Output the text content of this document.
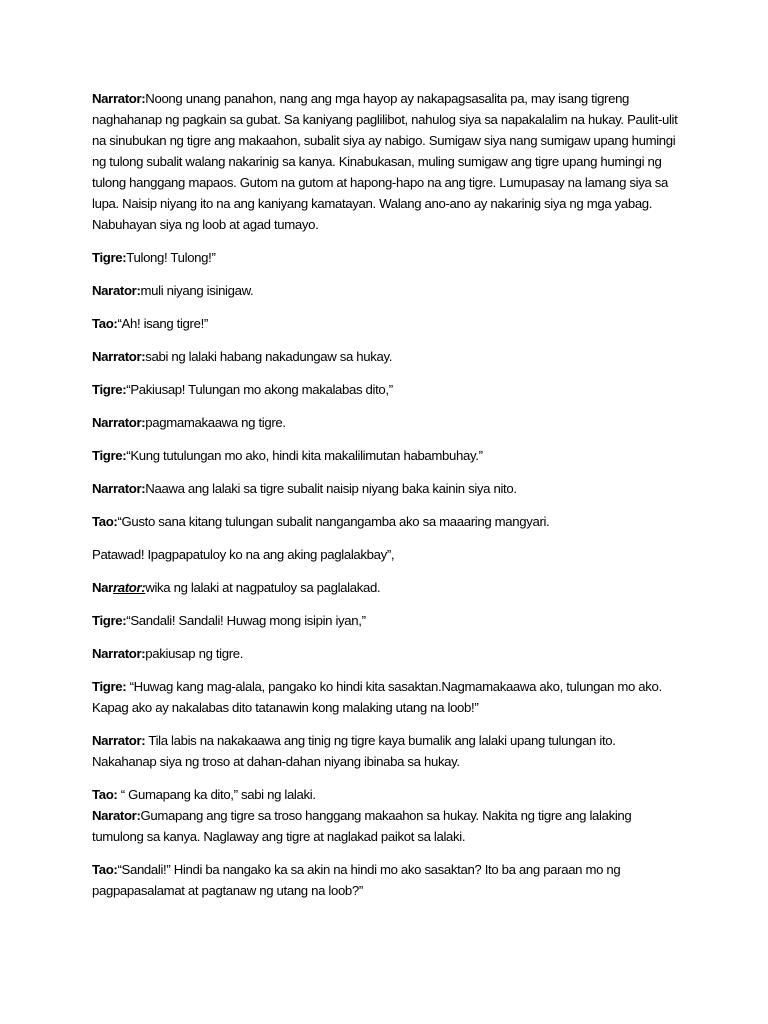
Narrator:Noong unang panahon, nang ang mga hayop ay nakapagsasalita pa, may isang tigreng naghahanap ng pagkain sa gubat. Sa kaniyang paglilibot, nahulog siya sa napakalalim na hukay. Paulit-ulit na sinubukan ng tigre ang makaahon, subalit siya ay nabigo. Sumigaw siya nang sumigaw upang humingi ng tulong subalit walang nakarinig sa kanya. Kinabukasan, muling sumigaw ang tigre upang humingi ng tulong hanggang mapaos. Gutom na gutom at hapong-hapo na ang tigre. Lumupasay na lamang siya sa lupa. Naisip niyang ito na ang kaniyang kamatayan. Walang ano-ano ay nakarinig siya ng mga yabag. Nabuhayan siya ng loob at agad tumayo.

Tigre:Tulong! Tulong!”

Narator:muli niyang isinigaw.

Tao:“Ah! isang tigre!”

Narrator:sabi ng lalaki habang nakadungaw sa hukay.

Tigre:“Pakiusap! Tulungan mo akong makalabas dito,”

Narrator:pagmamakaawa ng tigre.

Tigre:“Kung tutulungan mo ako, hindi kita makalilimutan habambuhay.”

Narrator:Naawa ang lalaki sa tigre subalit naisip niyang baka kainin siya nito.

Tao:“Gusto sana kitang tulungan subalit nangangamba ako sa maaaring mangyari.

Patawad! Ipagpapatuloy ko na ang aking paglalakbay”,

Narrator:wika ng lalaki at nagpatuloy sa paglalakad.

Tigre:“Sandali! Sandali! Huwag mong isipin iyan,”

Narrator:pakiusap ng tigre.

Tigre: “Huwag kang mag-alala, pangako ko hindi kita sasaktan.Nagmamakaawa ako, tulungan mo ako. Kapag ako ay nakalabas dito tatanawin kong malaking utang na loob!”

Narrator: Tila labis na nakakaawa ang tinig ng tigre kaya bumalik ang lalaki upang tulungan ito. Nakahanap siya ng troso at dahan-dahan niyang ibinaba sa hukay.

Tao: “ Gumapang ka dito,” sabi ng lalaki.

Narator:Gumapang ang tigre sa troso hanggang makaahon sa hukay. Nakita ng tigre ang lalaking tumulong sa kanya. Naglaway ang tigre at naglakad paikot sa lalaki.

Tao:“Sandali!” Hindi ba nangako ka sa akin na hindi mo ako sasaktan? Ito ba ang paraan mo ng pagpapasalamat at pagtanaw ng utang na loob?”
